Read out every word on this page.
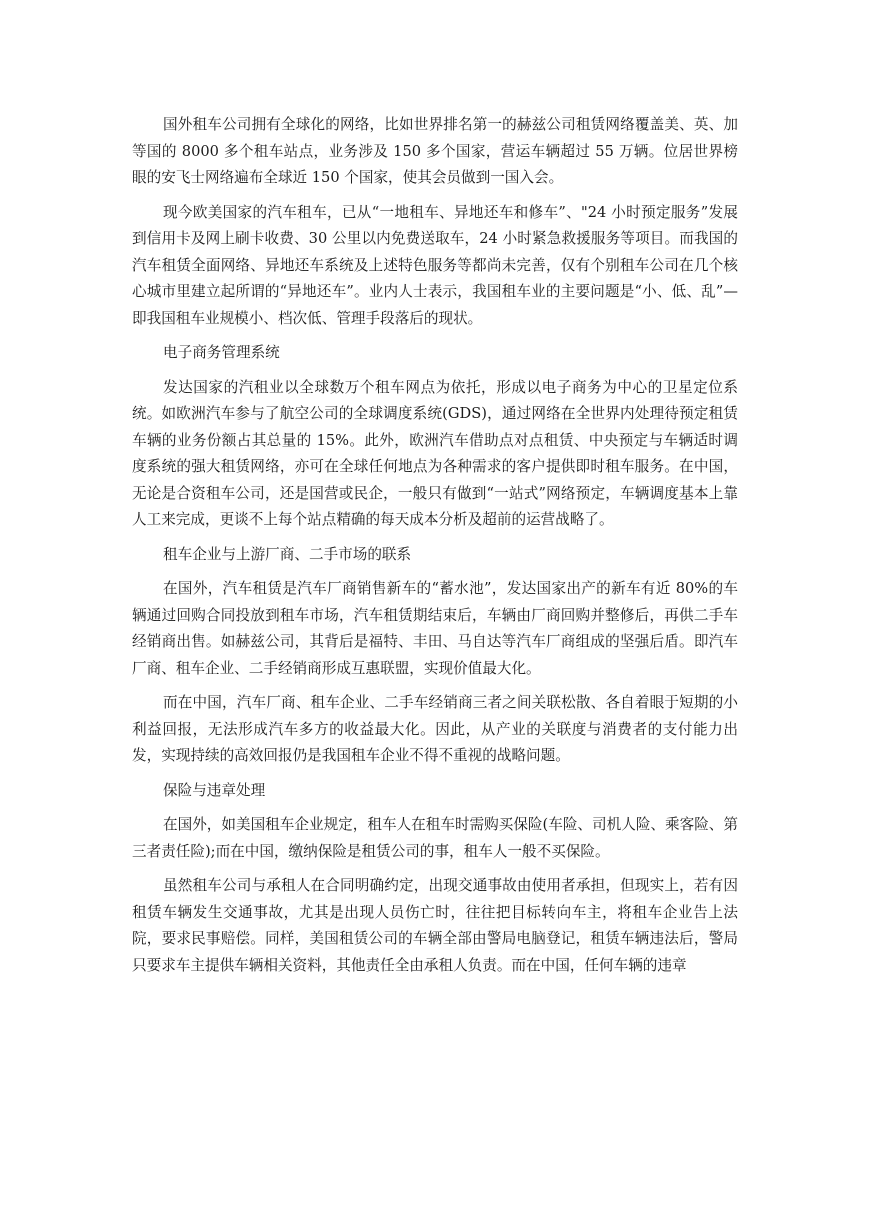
国外租车公司拥有全球化的网络，比如世界排名第一的赫兹公司租赁网络覆盖美、英、加等国的 8000 多个租车站点，业务涉及 150 多个国家，营运车辆超过 55 万辆。位居世界榜眼的安飞士网络遍布全球近 150 个国家，使其会员做到一国入会。

现今欧美国家的汽车租车，已从“一地租车、异地还车和修车”、"24 小时预定服务”发展到信用卡及网上刷卡收费、30 公里以内免费送取车，24 小时紧急救援服务等项目。而我国的汽车租赁全面网络、异地还车系统及上述特色服务等都尚未完善，仅有个别租车公司在几个核心城市里建立起所谓的“异地还车”。业内人士表示，我国租车业的主要问题是“小、低、乱”—即我国租车业规模小、档次低、管理手段落后的现状。

电子商务管理系统

发达国家的汽租业以全球数万个租车网点为依托，形成以电子商务为中心的卫星定位系统。如欧洲汽车参与了航空公司的全球调度系统(GDS)，通过网络在全世界内处理待预定租赁车辆的业务份额占其总量的 15%。此外，欧洲汽车借助点对点租赁、中央预定与车辆适时调度系统的强大租赁网络，亦可在全球任何地点为各种需求的客户提供即时租车服务。在中国，无论是合资租车公司，还是国营或民企，一般只有做到“一站式”网络预定，车辆调度基本上靠人工来完成，更谈不上每个站点精确的每天成本分析及超前的运营战略了。

租车企业与上游厂商、二手市场的联系

在国外，汽车租赁是汽车厂商销售新车的“蓄水池”，发达国家出产的新车有近 80%的车辆通过回购合同投放到租车市场，汽车租赁期结束后，车辆由厂商回购并整修后，再供二手车经销商出售。如赫兹公司，其背后是福特、丰田、马自达等汽车厂商组成的坚强后盾。即汽车厂商、租车企业、二手经销商形成互惠联盟，实现价值最大化。

而在中国，汽车厂商、租车企业、二手车经销商三者之间关联松散、各自着眼于短期的小利益回报，无法形成汽车多方的收益最大化。因此，从产业的关联度与消费者的支付能力出发，实现持续的高效回报仍是我国租车企业不得不重视的战略问题。

保险与违章处理

在国外，如美国租车企业规定，租车人在租车时需购买保险(车险、司机人险、乘客险、第三者责任险);而在中国，缴纳保险是租赁公司的事，租车人一般不买保险。

虽然租车公司与承租人在合同明确约定，出现交通事故由使用者承担，但现实上，若有因租赁车辆发生交通事故，尤其是出现人员伤亡时，往往把目标转向车主，将租车企业告上法院，要求民事赔偿。同样，美国租赁公司的车辆全部由警局电脑登记，租赁车辆违法后，警局只要求车主提供车辆相关资料，其他责任全由承租人负责。而在中国，任何车辆的违章
